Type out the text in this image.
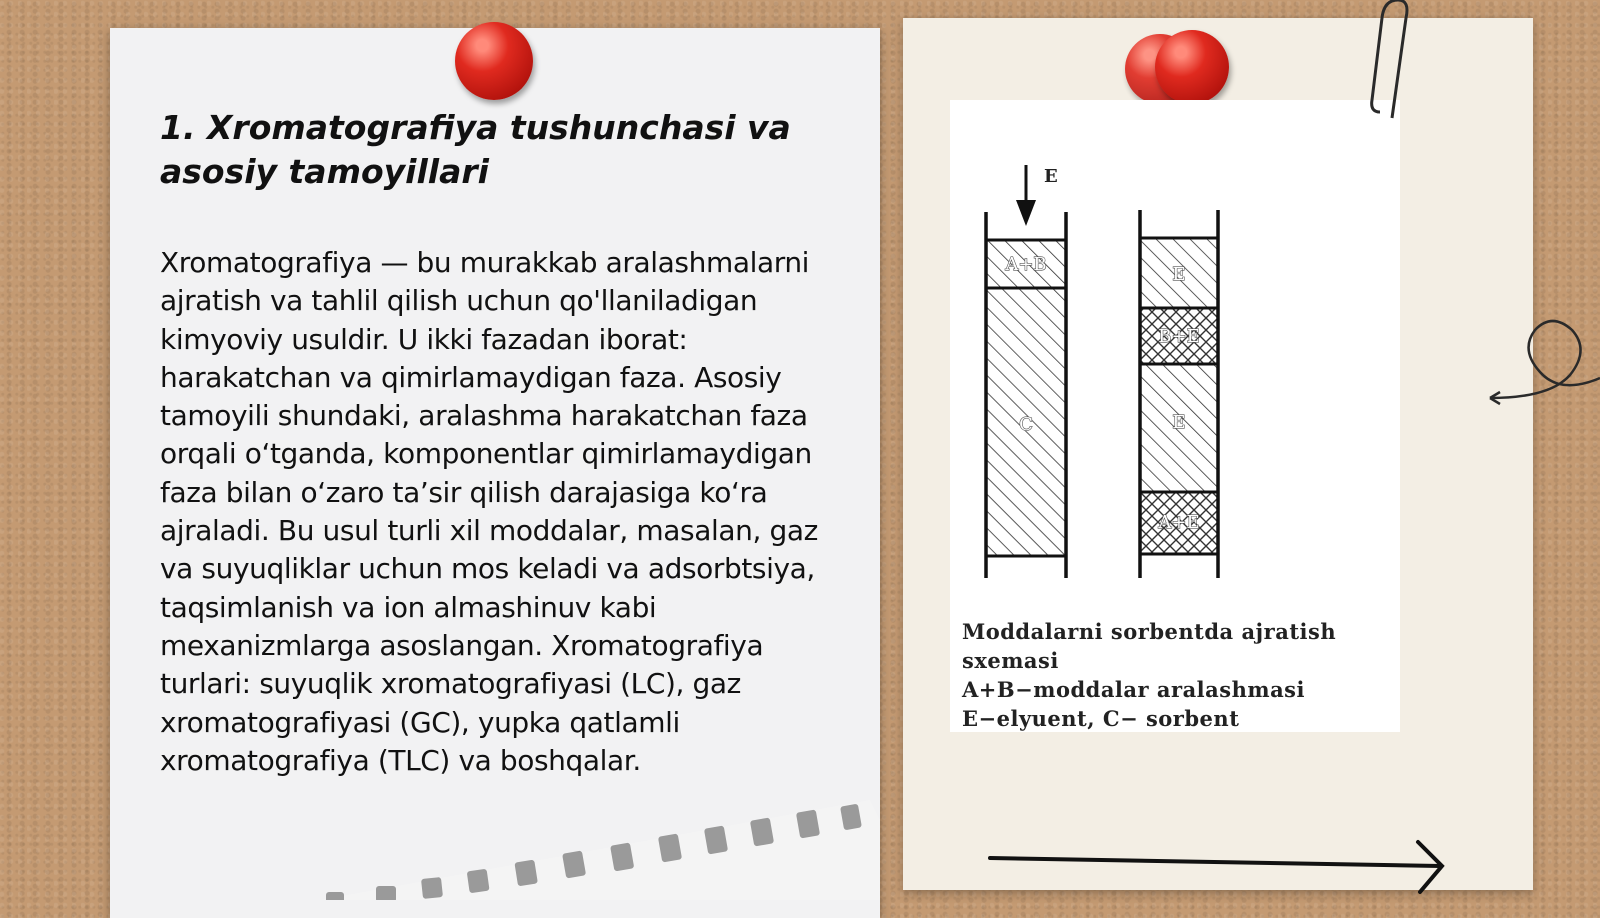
1. Xromatografiya tushunchasi va asosiy tamoyillari

Xromatografiya — bu murakkab aralashmalarni ajratish va tahlil qilish uchun qo'llaniladigan kimyoviy usuldir. U ikki fazadan iborat: harakatchan va qimirlamaydigan faza. Asosiy tamoyili shundaki, aralashma harakatchan faza orqali o‘tganda, komponentlar qimirlamaydigan faza bilan o‘zaro ta’sir qilish darajasiga ko‘ra ajraladi. Bu usul turli xil moddalar, masalan, gaz va suyuqliklar uchun mos keladi va adsorbtsiya, taqsimlanish va ion almashinuv kabi mexanizmlarga asoslangan. Xromatografiya turlari: suyuqlik xromatografiyasi (LC), gaz xromatografiyasi (GC), yupka qatlamli xromatografiya (TLC) va boshqalar.

E
A+B
C
E
B+E
E
A+E
Moddalarni sorbentda ajratish sxemasi
A+B−moddalar aralashmasi
E−elyuent, C− sorbent
